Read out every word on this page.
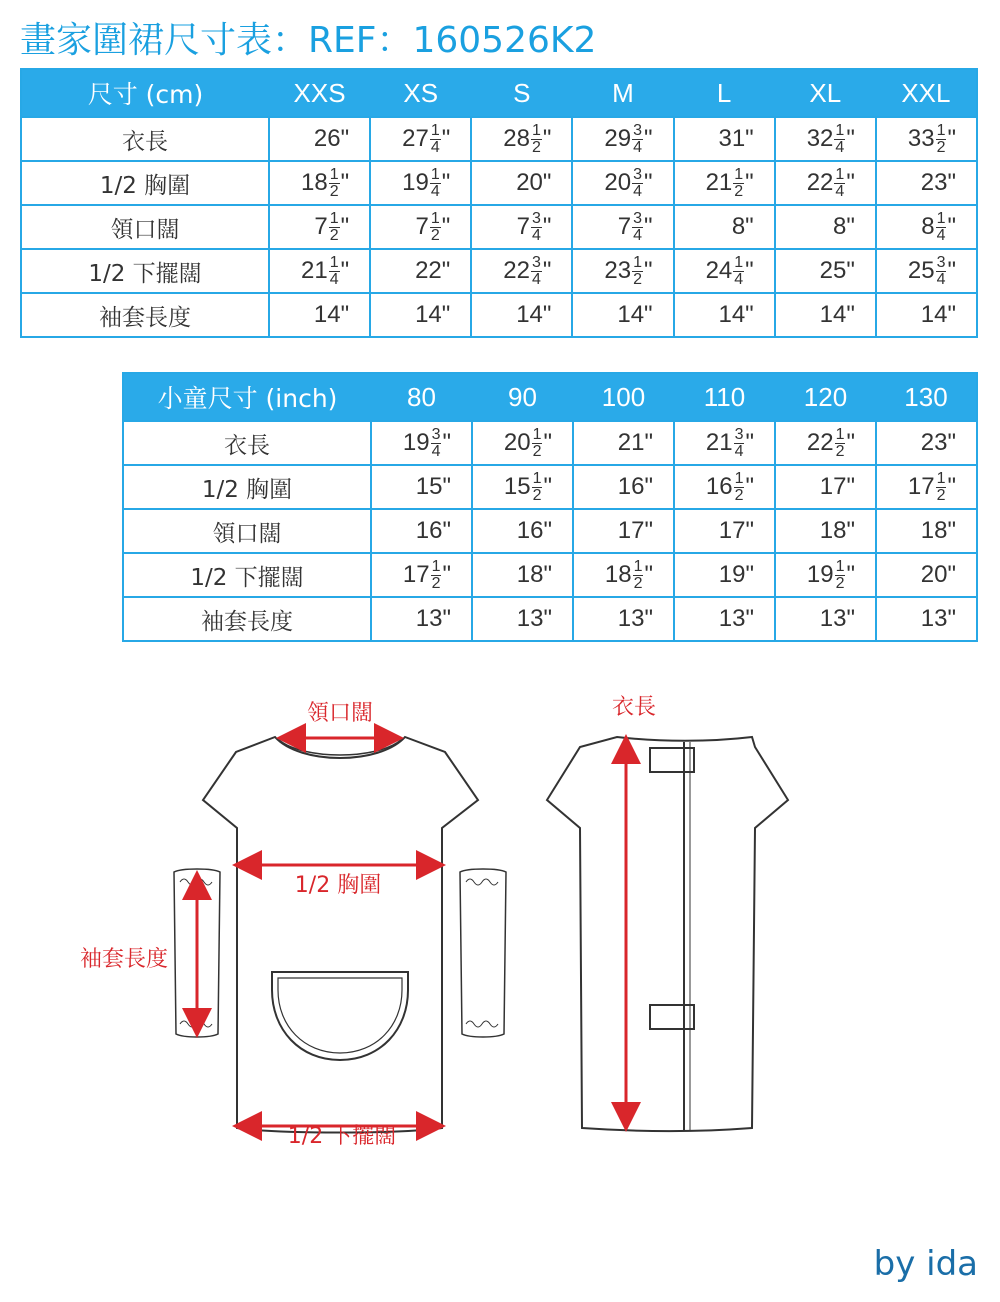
畫家圍裙尺寸表：REF：160526K2
尺寸 (cm)	XXS	XS	S	M	L	XL	XXL
衣長	26"	$27 \frac{1}{4}$ "	$28 \frac{1}{2}$ "	$29 \frac{3}{4}$ "	31"	$32 \frac{1}{4}$ "	$33 \frac{1}{2}$ "
1/2 胸圍	$18 \frac{1}{2}$ "	$19 \frac{1}{4}$ "	20"	$20 \frac{3}{4}$ "	$21 \frac{1}{2}$ "	$22 \frac{1}{4}$ "	23"
領口闊	$7 \frac{1}{2}$ "	$7 \frac{1}{2}$ "	$7 \frac{3}{4}$ "	$7 \frac{3}{4}$ "	8"	8"	$8 \frac{1}{4}$ "
1/2 下擺闊	$21 \frac{1}{4}$ "	22"	$22 \frac{3}{4}$ "	$23 \frac{1}{2}$ "	$24 \frac{1}{4}$ "	25"	$25 \frac{3}{4}$ "
袖套長度	14"	14"	14"	14"	14"	14"	14"
小童尺寸 (inch)	80	90	100	110	120	130
衣長	$19 \frac{3}{4}$ "	$20 \frac{1}{2}$ "	21"	$21 \frac{3}{4}$ "	$22 \frac{1}{2}$ "	23"
1/2 胸圍	15"	$15 \frac{1}{2}$ "	16"	$16 \frac{1}{2}$ "	17"	$17 \frac{1}{2}$ "
領口闊	16"	16"	17"	17"	18"	18"
1/2 下擺闊	$17 \frac{1}{2}$ "	18"	$18 \frac{1}{2}$ "	19"	$19 \frac{1}{2}$ "	20"
袖套長度	13"	13"	13"	13"	13"	13"
領口闊
1/2 胸圍
袖套長度
1/2 下擺闊
衣長
by ida
